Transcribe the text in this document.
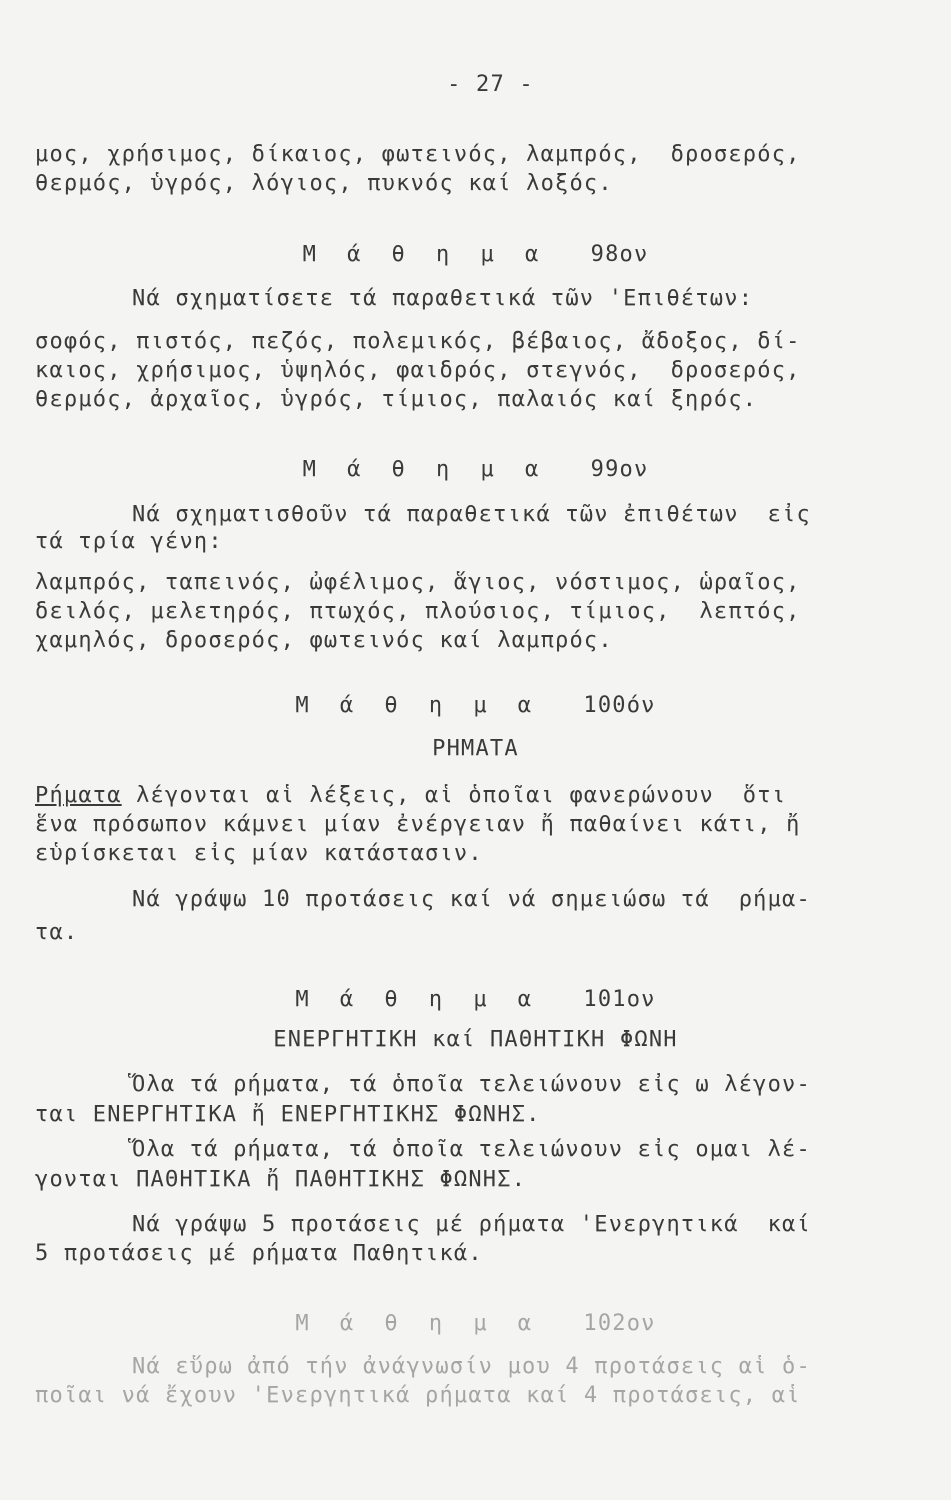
- 27 -
μος, χρήσιμος, δίκαιος, φωτεινός, λαμπρός,  δροσερός,
θερμός, ὑγρός, λόγιος, πυκνός καί λοξός.
Μ ά θ η μ α 98ον
Νά σχηματίσετε τά παραθετικά τῶν 'Επιθέτων:
σοφός, πιστός, πεζός, πολεμικός, βέβαιος, ἄδοξος, δί-
καιος, χρήσιμος, ὑψηλός, φαιδρός, στεγνός,  δροσερός,
θερμός, ἀρχαῖος, ὑγρός, τίμιος, παλαιός καί ξηρός.
Μ ά θ η μ α 99ον
Νά σχηματισθοῦν τά παραθετικά τῶν ἐπιθέτων  εἰς
τά τρία γένη:
λαμπρός, ταπεινός, ὠφέλιμος, ἅγιος, νόστιμος, ὡραῖος,
δειλός, μελετηρός, πτωχός, πλούσιος, τίμιος,  λεπτός,
χαμηλός, δροσερός, φωτεινός καί λαμπρός.
Μ ά θ η μ α 100όν
ΡΗΜΑΤΑ
Ρήματα λέγονται αἱ λέξεις, αἱ ὁποῖαι φανερώνουν  ὅτι
ἕνα πρόσωπον κάμνει μίαν ἐνέργειαν ἤ παθαίνει κάτι, ἤ
εὑρίσκεται εἰς μίαν κατάστασιν.
Νά γράψω 10 προτάσεις καί νά σημειώσω τά  ρήμα-
τα.
Μ ά θ η μ α 101ον
ΕΝΕΡΓΗΤΙΚΗ καί ΠΑΘΗΤΙΚΗ ΦΩΝΗ
Ὅλα τά ρήματα, τά ὁποῖα τελειώνουν εἰς ω λέγον-
ται ΕΝΕΡΓΗΤΙΚΑ ἤ ΕΝΕΡΓΗΤΙΚΗΣ ΦΩΝΗΣ.
Ὅλα τά ρήματα, τά ὁποῖα τελειώνουν εἰς ομαι λέ-
γονται ΠΑΘΗΤΙΚΑ ἤ ΠΑΘΗΤΙΚΗΣ ΦΩΝΗΣ.
Νά γράψω 5 προτάσεις μέ ρήματα 'Ενεργητικά  καί
5 προτάσεις μέ ρήματα Παθητικά.
Μ ά θ η μ α 102ον
Νά εὕρω ἀπό τήν ἀνάγνωσίν μου 4 προτάσεις αἱ ὁ-
ποῖαι νά ἔχουν 'Ενεργητικά ρήματα καί 4 προτάσεις, αἱ
